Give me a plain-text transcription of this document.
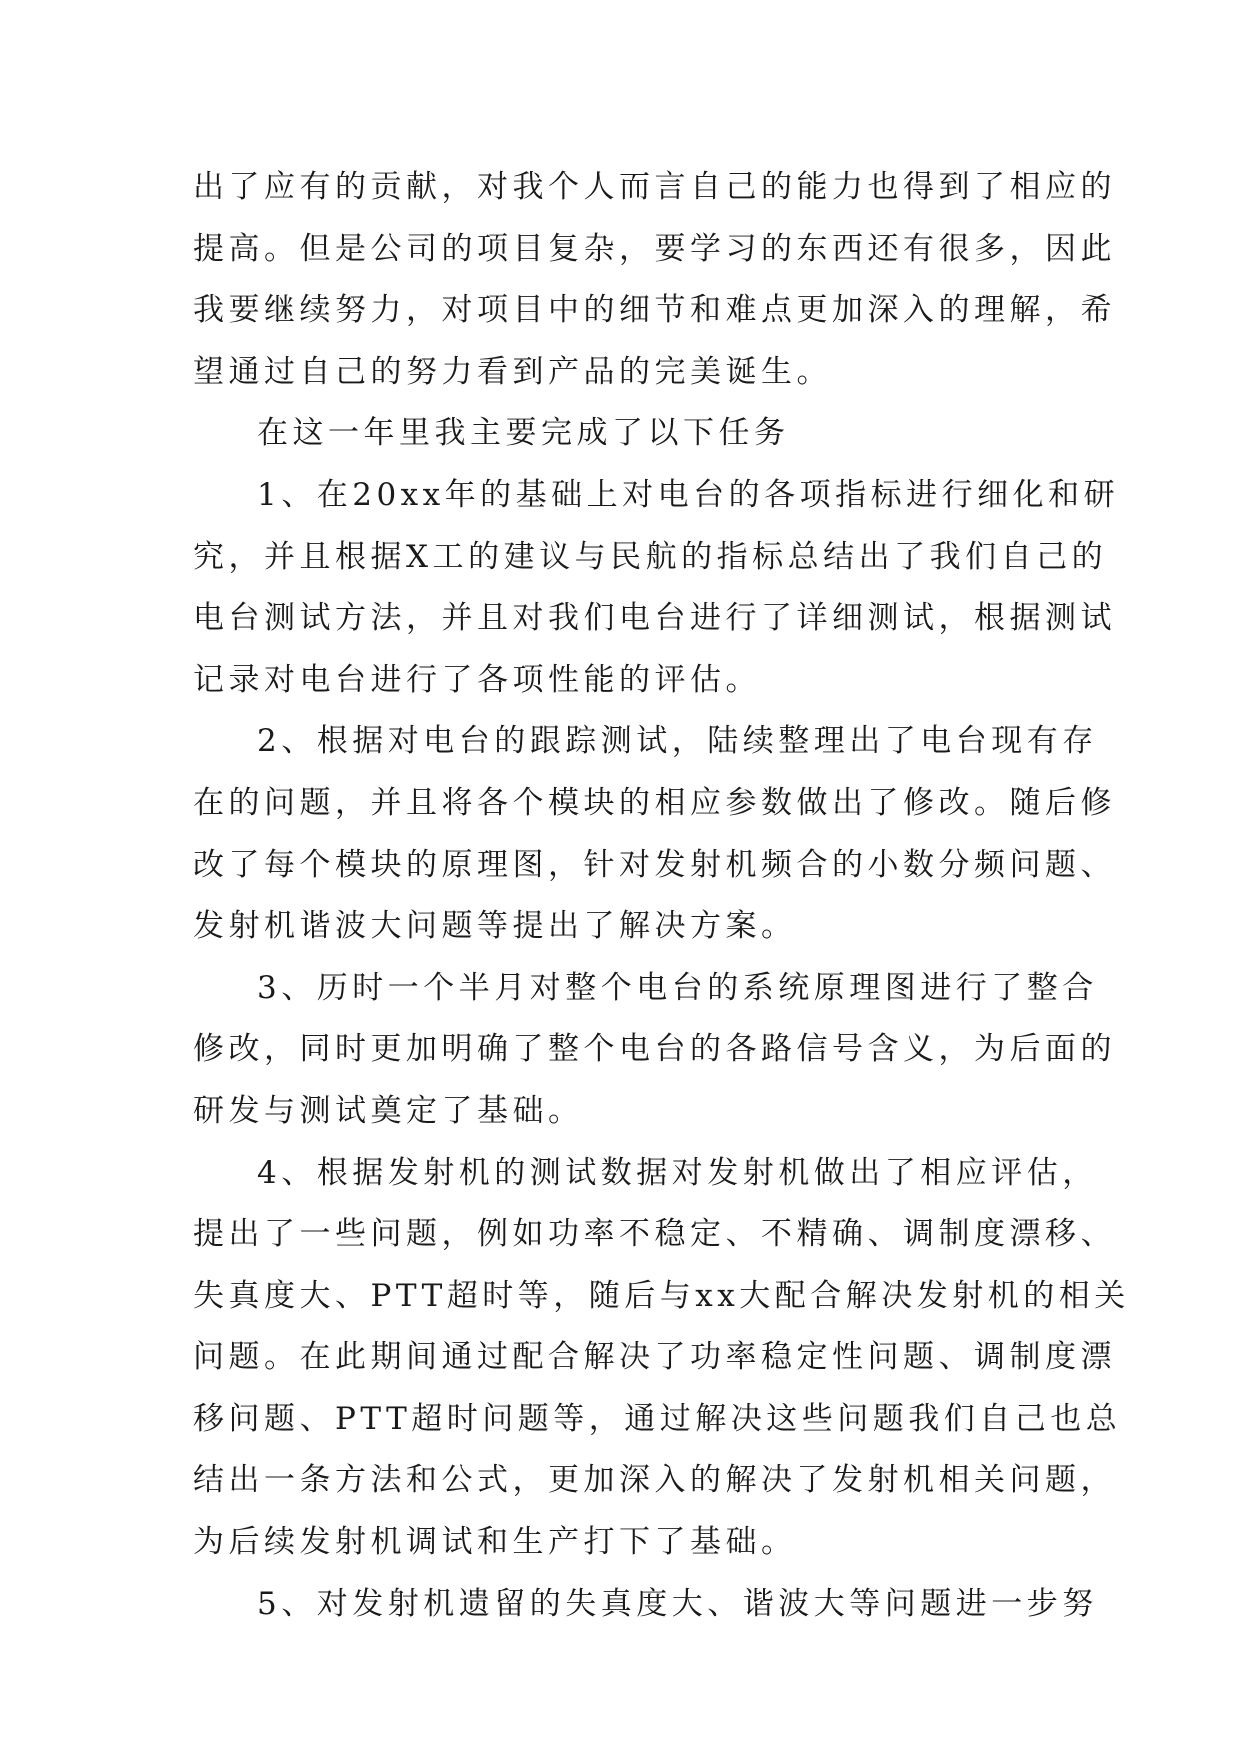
出了应有的贡献，对我个人而言自己的能力也得到了相应的
提高。但是公司的项目复杂，要学习的东西还有很多，因此
我要继续努力，对项目中的细节和难点更加深入的理解，希
望通过自己的努力看到产品的完美诞生。
在这一年里我主要完成了以下任务
1、在20xx年的基础上对电台的各项指标进行细化和研
究，并且根据X工的建议与民航的指标总结出了我们自己的
电台测试方法，并且对我们电台进行了详细测试，根据测试
记录对电台进行了各项性能的评估。
2、根据对电台的跟踪测试，陆续整理出了电台现有存
在的问题，并且将各个模块的相应参数做出了修改。随后修
改了每个模块的原理图，针对发射机频合的小数分频问题、
发射机谐波大问题等提出了解决方案。
3、历时一个半月对整个电台的系统原理图进行了整合
修改，同时更加明确了整个电台的各路信号含义，为后面的
研发与测试奠定了基础。
4、根据发射机的测试数据对发射机做出了相应评估，
提出了一些问题，例如功率不稳定、不精确、调制度漂移、
失真度大、PTT超时等，随后与xx大配合解决发射机的相关
问题。在此期间通过配合解决了功率稳定性问题、调制度漂
移问题、PTT超时问题等，通过解决这些问题我们自己也总
结出一条方法和公式，更加深入的解决了发射机相关问题，
为后续发射机调试和生产打下了基础。
5、对发射机遗留的失真度大、谐波大等问题进一步努
